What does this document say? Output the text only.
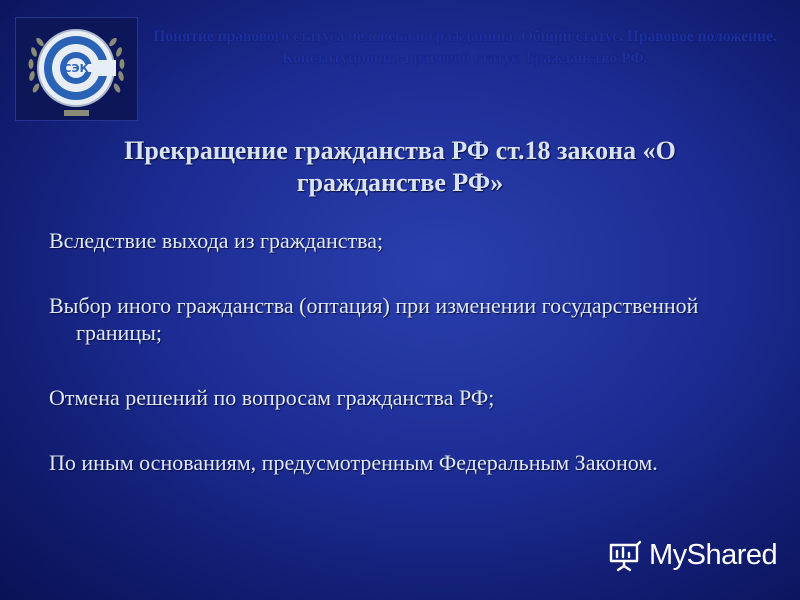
СЭК
Понятие правового статуса человека и гражданина. Общий статус. Правовое положение. Конституционно-правовой статус. Гражданство РФ.
Прекращение гражданства РФ ст.18 закона «О гражданстве РФ»
Вследствие выхода из гражданства;
Выбор иного гражданства (оптация) при изменении государственной границы;
Отмена решений по вопросам гражданства РФ;
По иным основаниям, предусмотренным Федеральным Законом.
MyShared
